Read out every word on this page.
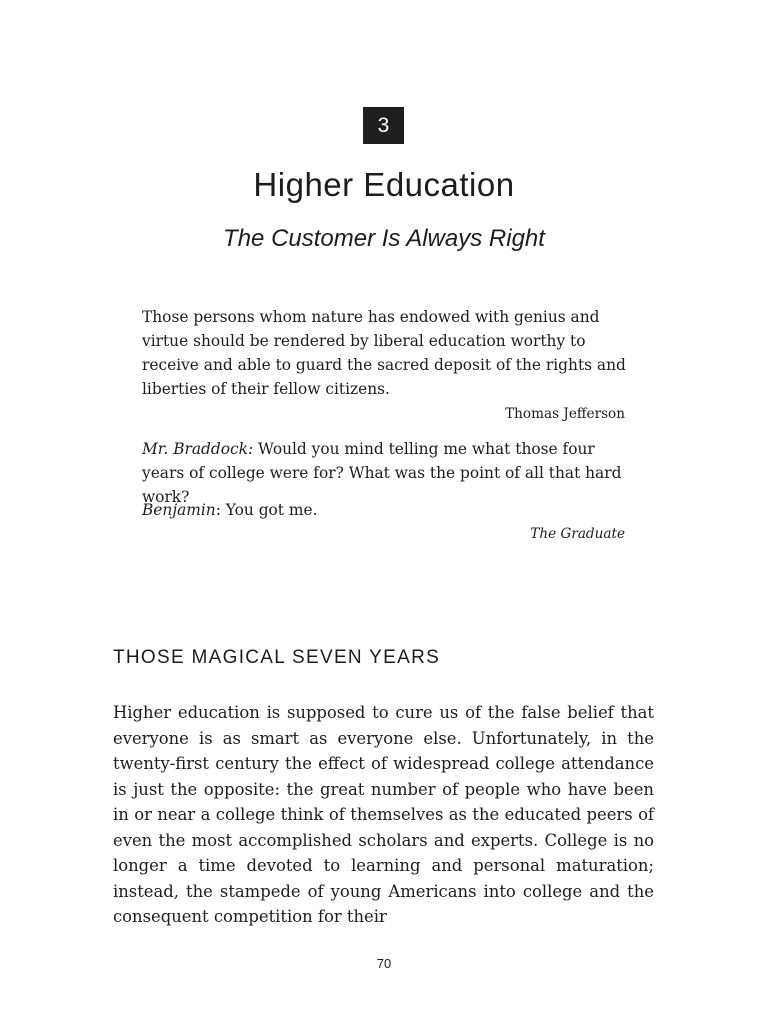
3
Higher Education
The Customer Is Always Right

Those persons whom nature has endowed with genius and virtue should be rendered by liberal education worthy to receive and able to guard the sacred deposit of the rights and liberties of their fellow citizens.

Thomas Jefferson

Mr. Braddock: Would you mind telling me what those four years of college were for? What was the point of all that hard work?

Benjamin: You got me.

The Graduate
THOSE MAGICAL SEVEN YEARS

Higher education is supposed to cure us of the false belief that everyone is as smart as everyone else. Unfortunately, in the twenty-first century the effect of widespread college attendance is just the opposite: the great number of people who have been in or near a college think of themselves as the educated peers of even the most accomplished scholars and experts. College is no longer a time devoted to learning and personal maturation; instead, the stampede of young Americans into college and the consequent competition for their

70
